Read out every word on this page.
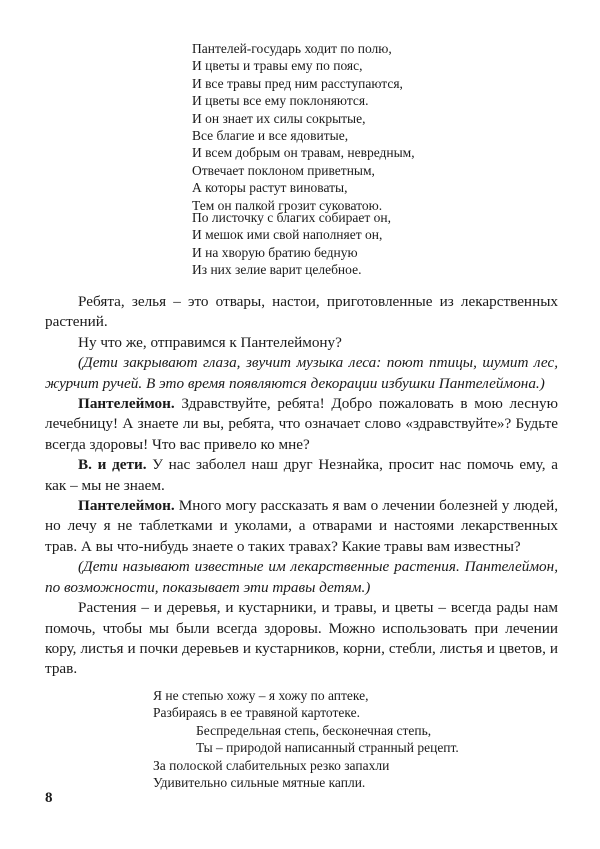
Пантелей-государь ходит по полю,
И цветы и травы ему по пояс,
И все травы пред ним расступаются,
И цветы все ему поклоняются.
И он знает их силы сокрытые,
Все благие и все ядовитые,
И всем добрым он травам, невредным,
Отвечает поклоном приветным,
А которы растут виноваты,
Тем он палкой грозит суковатою.
По листочку с благих собирает он,
И мешок ими свой наполняет он,
И на хворую братию бедную
Из них зелие варит целебное.

Ребята, зелья – это отвары, настои, приготовленные из лекарственных растений.

Ну что же, отправимся к Пантелеймону?

(Дети закрывают глаза, звучит музыка леса: поют птицы, шумит лес, журчит ручей. В это время появляются декорации избушки Пантелеймона.)

Пантелеймон. Здравствуйте, ребята! Добро пожаловать в мою лесную лечебницу! А знаете ли вы, ребята, что означает слово «здравствуйте»? Будьте всегда здоровы! Что вас привело ко мне?

В. и дети. У нас заболел наш друг Незнайка, просит нас помочь ему, а как – мы не знаем.

Пантелеймон. Много могу рассказать я вам о лечении болезней у людей, но лечу я не таблетками и уколами, а отварами и настоями лекарственных трав. А вы что-нибудь знаете о таких травах? Какие травы вам известны?

(Дети называют известные им лекарственные растения. Пантелеймон, по возможности, показывает эти травы детям.)

Растения – и деревья, и кустарники, и травы, и цветы – всегда рады нам помочь, чтобы мы были всегда здоровы. Можно использовать при лечении кору, листья и почки деревьев и кустарников, корни, стебли, листья и цветов, и трав.

Я не степью хожу – я хожу по аптеке,
Разбираясь в ее травяной картотеке.
Беспредельная степь, бесконечная степь,
Ты – природой написанный странный рецепт.
За полоской слабительных резко запахли
Удивительно сильные мятные капли.
8
